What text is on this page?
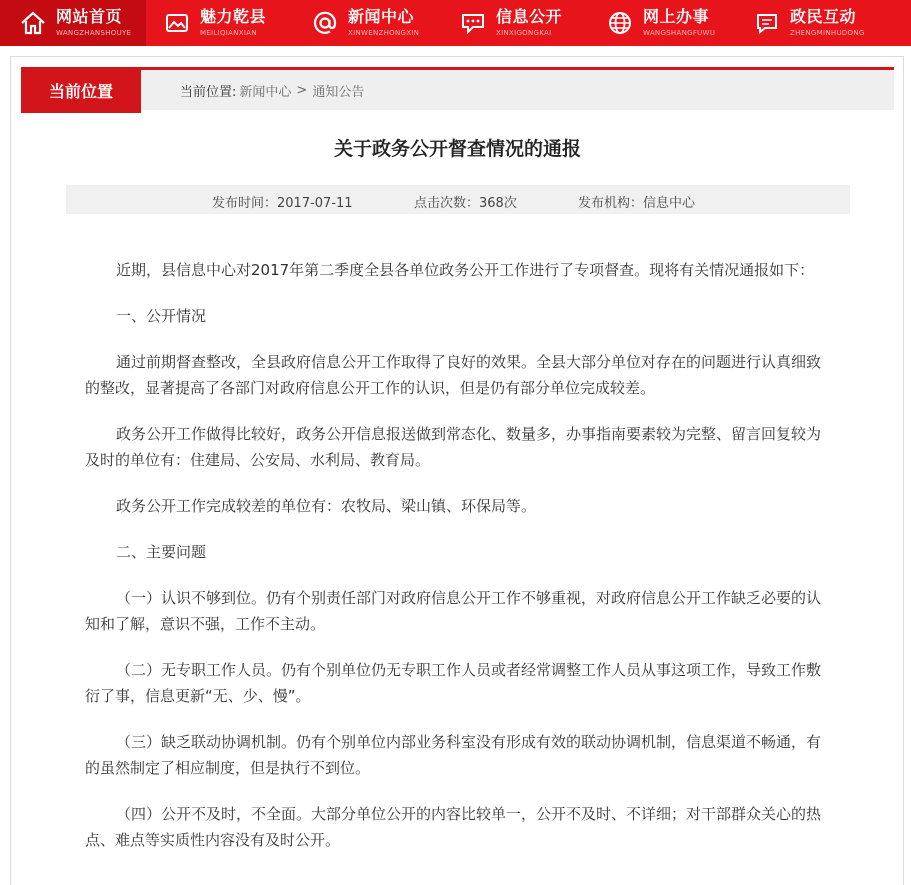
网站首页
WANGZHANSHOUYE
魅力乾县
MEILIQIANXIAN
新闻中心
XINWENZHONGXIN
信息公开
XINXIGONGKAI
网上办事
WANGSHANGFUWU
政民互动
ZHENGMINHUDONG
当前位置	当前位置: 新闻中心 > 通知公告
关于政务公开督查情况的通报
发布时间：2017-07-11	点击次数：368次	发布机构：信息中心

近期，县信息中心对2017年第二季度全县各单位政务公开工作进行了专项督查。现将有关情况通报如下：

一、公开情况

通过前期督查整改，全县政府信息公开工作取得了良好的效果。全县大部分单位对存在的问题进行认真细致的整改，显著提高了各部门对政府信息公开工作的认识，但是仍有部分单位完成较差。

政务公开工作做得比较好，政务公开信息报送做到常态化、数量多，办事指南要素较为完整、留言回复较为及时的单位有：住建局、公安局、水利局、教育局。

政务公开工作完成较差的单位有：农牧局、梁山镇、环保局等。

二、主要问题

（一）认识不够到位。仍有个别责任部门对政府信息公开工作不够重视，对政府信息公开工作缺乏必要的认知和了解，意识不强，工作不主动。

（二）无专职工作人员。仍有个别单位仍无专职工作人员或者经常调整工作人员从事这项工作，导致工作敷衍了事，信息更新“无、少、慢”。

（三）缺乏联动协调机制。仍有个别单位内部业务科室没有形成有效的联动协调机制，信息渠道不畅通，有的虽然制定了相应制度，但是执行不到位。

（四）公开不及时，不全面。大部分单位公开的内容比较单一，公开不及时、不详细；对干部群众关心的热点、难点等实质性内容没有及时公开。
